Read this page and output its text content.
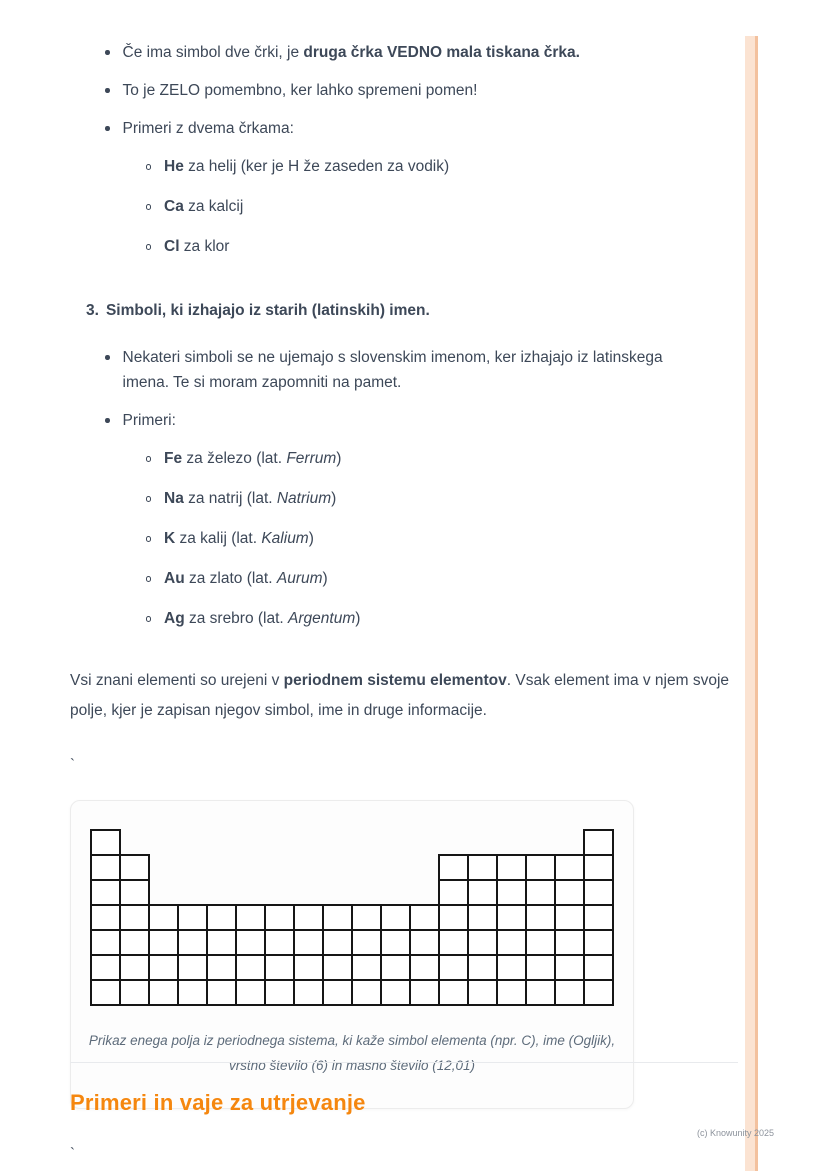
Če ima simbol dve črki, je druga črka VEDNO mala tiskana črka.
To je ZELO pomembno, ker lahko spremeni pomen!
Primeri z dvema črkama:
He za helij (ker je H že zaseden za vodik)
Ca za kalcij
Cl za klor
3. Simboli, ki izhajajo iz starih (latinskih) imen.
Nekateri simboli se ne ujemajo s slovenskim imenom, ker izhajajo iz latinskega imena. Te si moram zapomniti na pamet.
Primeri:
Fe za železo (lat. Ferrum)
Na za natrij (lat. Natrium)
K za kalij (lat. Kalium)
Au za zlato (lat. Aurum)
Ag za srebro (lat. Argentum)

Vsi znani elementi so urejeni v periodnem sistemu elementov. Vsak element ima v njem svoje polje, kjer je zapisan njegov simbol, ime in druge informacije.

`

Prikaz enega polja iz periodnega sistema, ki kaže simbol elementa (npr. C), ime (Ogljik), vrstno število (6) in masno število (12,01)

`
Primeri in vaje za utrjevanje
(c) Knowunity 2025
